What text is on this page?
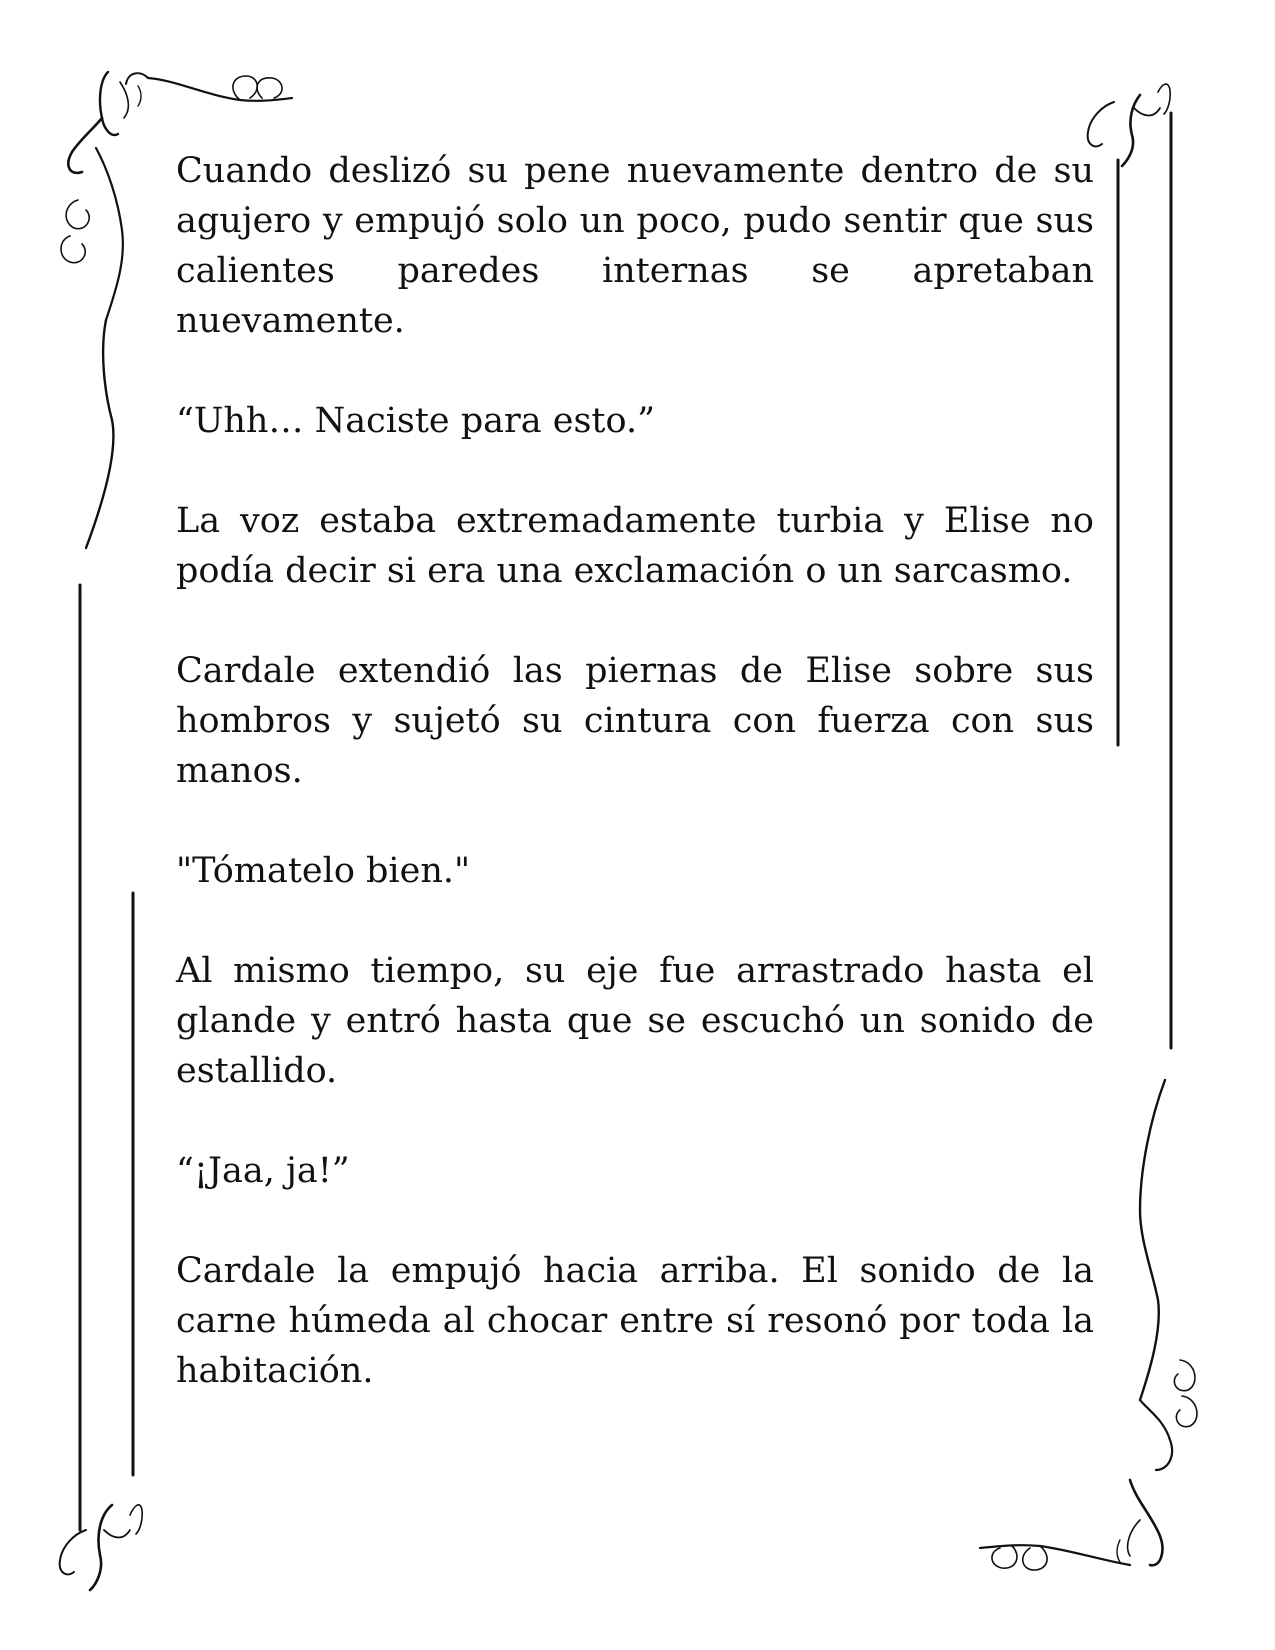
Cuando deslizó su pene nuevamente dentro de su agujero y empujó solo un poco, pudo sentir que sus calientes paredes internas se apretaban nuevamente.

“Uhh… Naciste para esto.”

La voz estaba extremadamente turbia y Elise no podía decir si era una exclamación o un sarcasmo.

Cardale extendió las piernas de Elise sobre sus hombros y sujetó su cintura con fuerza con sus manos.

"Tómatelo bien."

Al mismo tiempo, su eje fue arrastrado hasta el glande y entró hasta que se escuchó un sonido de estallido.

“¡Jaa, ja!”

Cardale la empujó hacia arriba. El sonido de la carne húmeda al chocar entre sí resonó por toda la habitación.
